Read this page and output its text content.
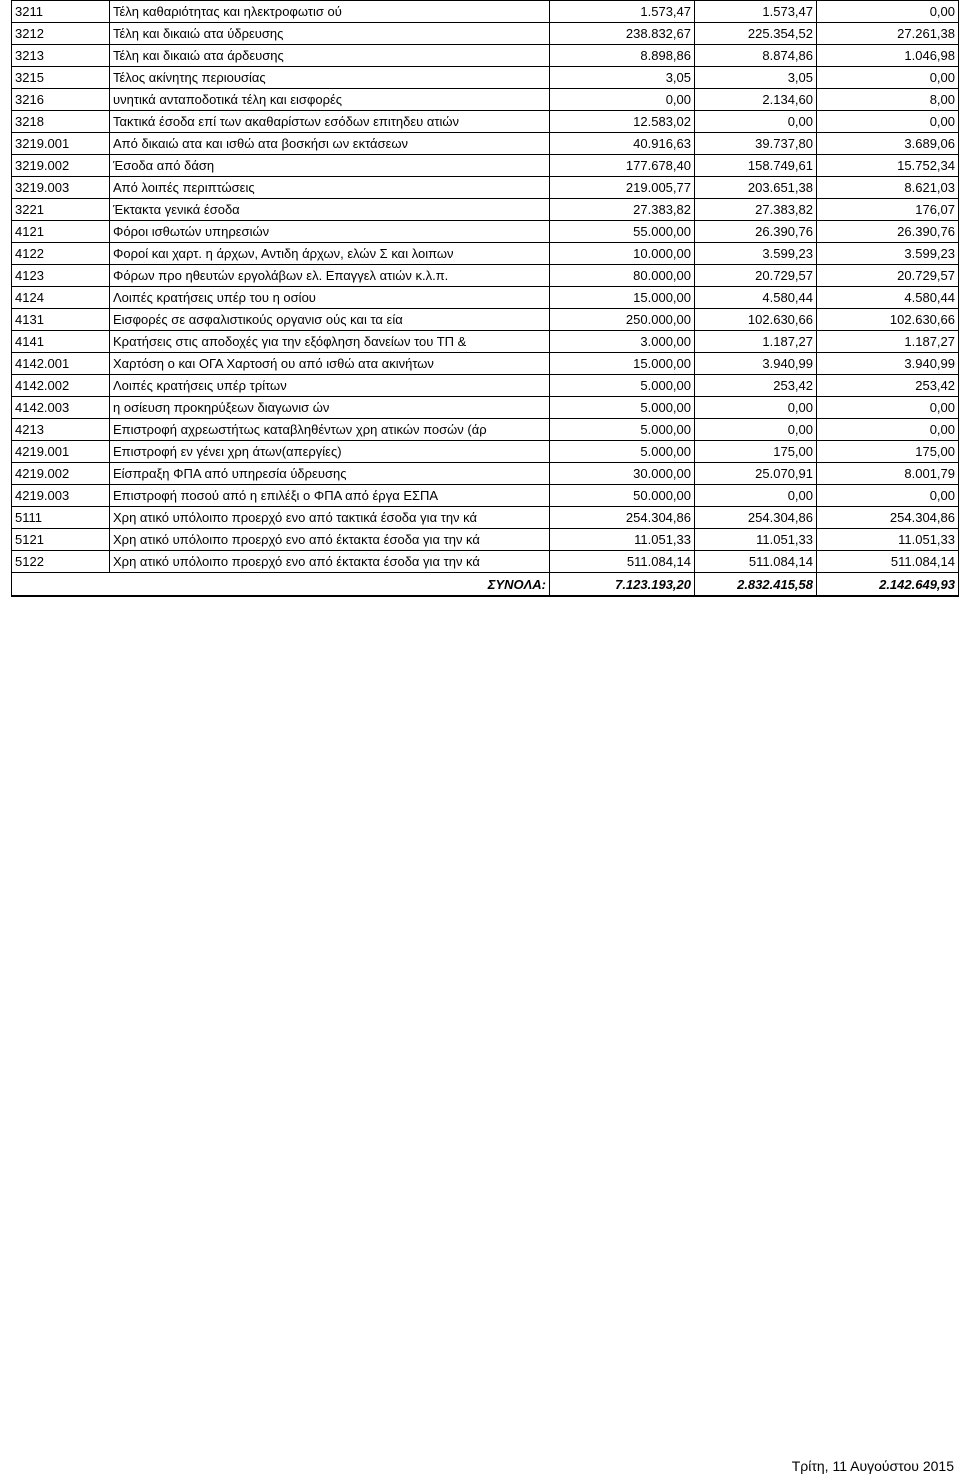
3211	Τέλη καθαριότητας και ηλεκτροφωτισ ού	1.573,47	1.573,47	0,00
3212	Τέλη και δικαιώ ατα ύδρευσης	238.832,67	225.354,52	27.261,38
3213	Τέλη και δικαιώ ατα άρδευσης	8.898,86	8.874,86	1.046,98
3215	Τέλος ακίνητης περιουσίας	3,05	3,05	0,00
3216	υνητικά ανταποδοτικά τέλη και εισφορές	0,00	2.134,60	8,00
3218	Τακτικά έσοδα επί των ακαθαρίστων εσόδων επιτηδευ ατιών	12.583,02	0,00	0,00
3219.001	Από δικαιώ ατα και ισθώ ατα βοσκήσι ων εκτάσεων	40.916,63	39.737,80	3.689,06
3219.002	Έσοδα από δάση	177.678,40	158.749,61	15.752,34
3219.003	Από λοιπές περιπτώσεις	219.005,77	203.651,38	8.621,03
3221	Έκτακτα γενικά έσοδα	27.383,82	27.383,82	176,07
4121	Φόροι ισθωτών υπηρεσιών	55.000,00	26.390,76	26.390,76
4122	Φοροί και χαρτ. η άρχων, Αντιδη άρχων, ελών Σ και λοιπων	10.000,00	3.599,23	3.599,23
4123	Φόρων προ ηθευτών εργολάβων ελ. Επαγγελ ατιών κ.λ.π.	80.000,00	20.729,57	20.729,57
4124	Λοιπές κρατήσεις υπέρ του η οσίου	15.000,00	4.580,44	4.580,44
4131	Εισφορές σε ασφαλιστικούς οργανισ ούς και τα εία	250.000,00	102.630,66	102.630,66
4141	Κρατήσεις στις αποδοχές για την εξόφληση δανείων του ΤΠ &	3.000,00	1.187,27	1.187,27
4142.001	Χαρτόση ο και ΟΓΑ Χαρτοσή ου από ισθώ ατα ακινήτων	15.000,00	3.940,99	3.940,99
4142.002	Λοιπές κρατήσεις υπέρ τρίτων	5.000,00	253,42	253,42
4142.003	η οσίευση προκηρύξεων διαγωνισ ών	5.000,00	0,00	0,00
4213	Επιστροφή αχρεωστήτως καταβληθέντων χρη ατικών ποσών (άρ	5.000,00	0,00	0,00
4219.001	Επιστροφή εν γένει χρη άτων(απεργίες)	5.000,00	175,00	175,00
4219.002	Είσπραξη ΦΠΑ από υπηρεσία ύδρευσης	30.000,00	25.070,91	8.001,79
4219.003	Επιστροφή ποσού από η επιλέξι ο ΦΠΑ από έργα ΕΣΠΑ	50.000,00	0,00	0,00
5111	Χρη ατικό υπόλοιπο προερχό ενο από τακτικά έσοδα για την κά	254.304,86	254.304,86	254.304,86
5121	Χρη ατικό υπόλοιπο προερχό ενο από έκτακτα έσοδα για την κά	11.051,33	11.051,33	11.051,33
5122	Χρη ατικό υπόλοιπο προερχό ενο από έκτακτα έσοδα για την κά	511.084,14	511.084,14	511.084,14
	ΣΥΝΟΛΑ:	7.123.193,20	2.832.415,58	2.142.649,93
Τρίτη, 11 Αυγούστου 2015
